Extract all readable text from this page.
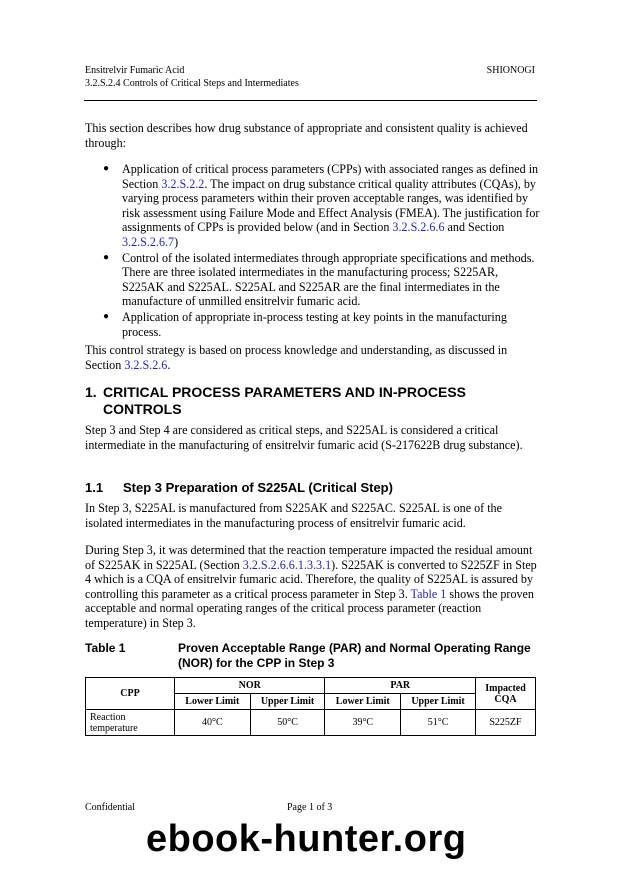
Ensitrelvir Fumaric Acid
3.2.S.2.4 Controls of Critical Steps and Intermediates
SHIONOGI

This section describes how drug substance of appropriate and consistent quality is achieved through:

● Application of critical process parameters (CPPs) with associated ranges as defined in Section 3.2.S.2.2. The impact on drug substance critical quality attributes (CQAs), by varying process parameters within their proven acceptable ranges, was identified by risk assessment using Failure Mode and Effect Analysis (FMEA). The justification for assignments of CPPs is provided below (and in Section 3.2.S.2.6.6 and Section 3.2.S.2.6.7)
● Control of the isolated intermediates through appropriate specifications and methods. There are three isolated intermediates in the manufacturing process; S225AR, S225AK and S225AL. S225AL and S225AR are the final intermediates in the manufacture of unmilled ensitrelvir fumaric acid.
● Application of appropriate in-process testing at key points in the manufacturing process.

This control strategy is based on process knowledge and understanding, as discussed in Section 3.2.S.2.6.

1. CRITICAL PROCESS PARAMETERS AND IN-PROCESS CONTROLS

Step 3 and Step 4 are considered as critical steps, and S225AL is considered a critical intermediate in the manufacturing of ensitrelvir fumaric acid (S-217622B drug substance).

1.1 Step 3 Preparation of S225AL (Critical Step)

In Step 3, S225AL is manufactured from S225AK and S225AC. S225AL is one of the isolated intermediates in the manufacturing process of ensitrelvir fumaric acid.

During Step 3, it was determined that the reaction temperature impacted the residual amount of S225AK in S225AL (Section 3.2.S.2.6.6.1.3.3.1). S225AK is converted to S225ZF in Step 4 which is a CQA of ensitrelvir fumaric acid. Therefore, the quality of S225AL is assured by controlling this parameter as a critical process parameter in Step 3. Table 1 shows the proven acceptable and normal operating ranges of the critical process parameter (reaction temperature) in Step 3.

Table 1	Proven Acceptable Range (PAR) and Normal Operating Range (NOR) for the CPP in Step 3
CPP	NOR		PAR		Impacted CQA
	Lower Limit	Upper Limit	Lower Limit	Upper Limit	
Reaction temperature	40°C	50°C	39°C	51°C	S225ZF
Confidential	Page 1 of 3
ebook-hunter.org
